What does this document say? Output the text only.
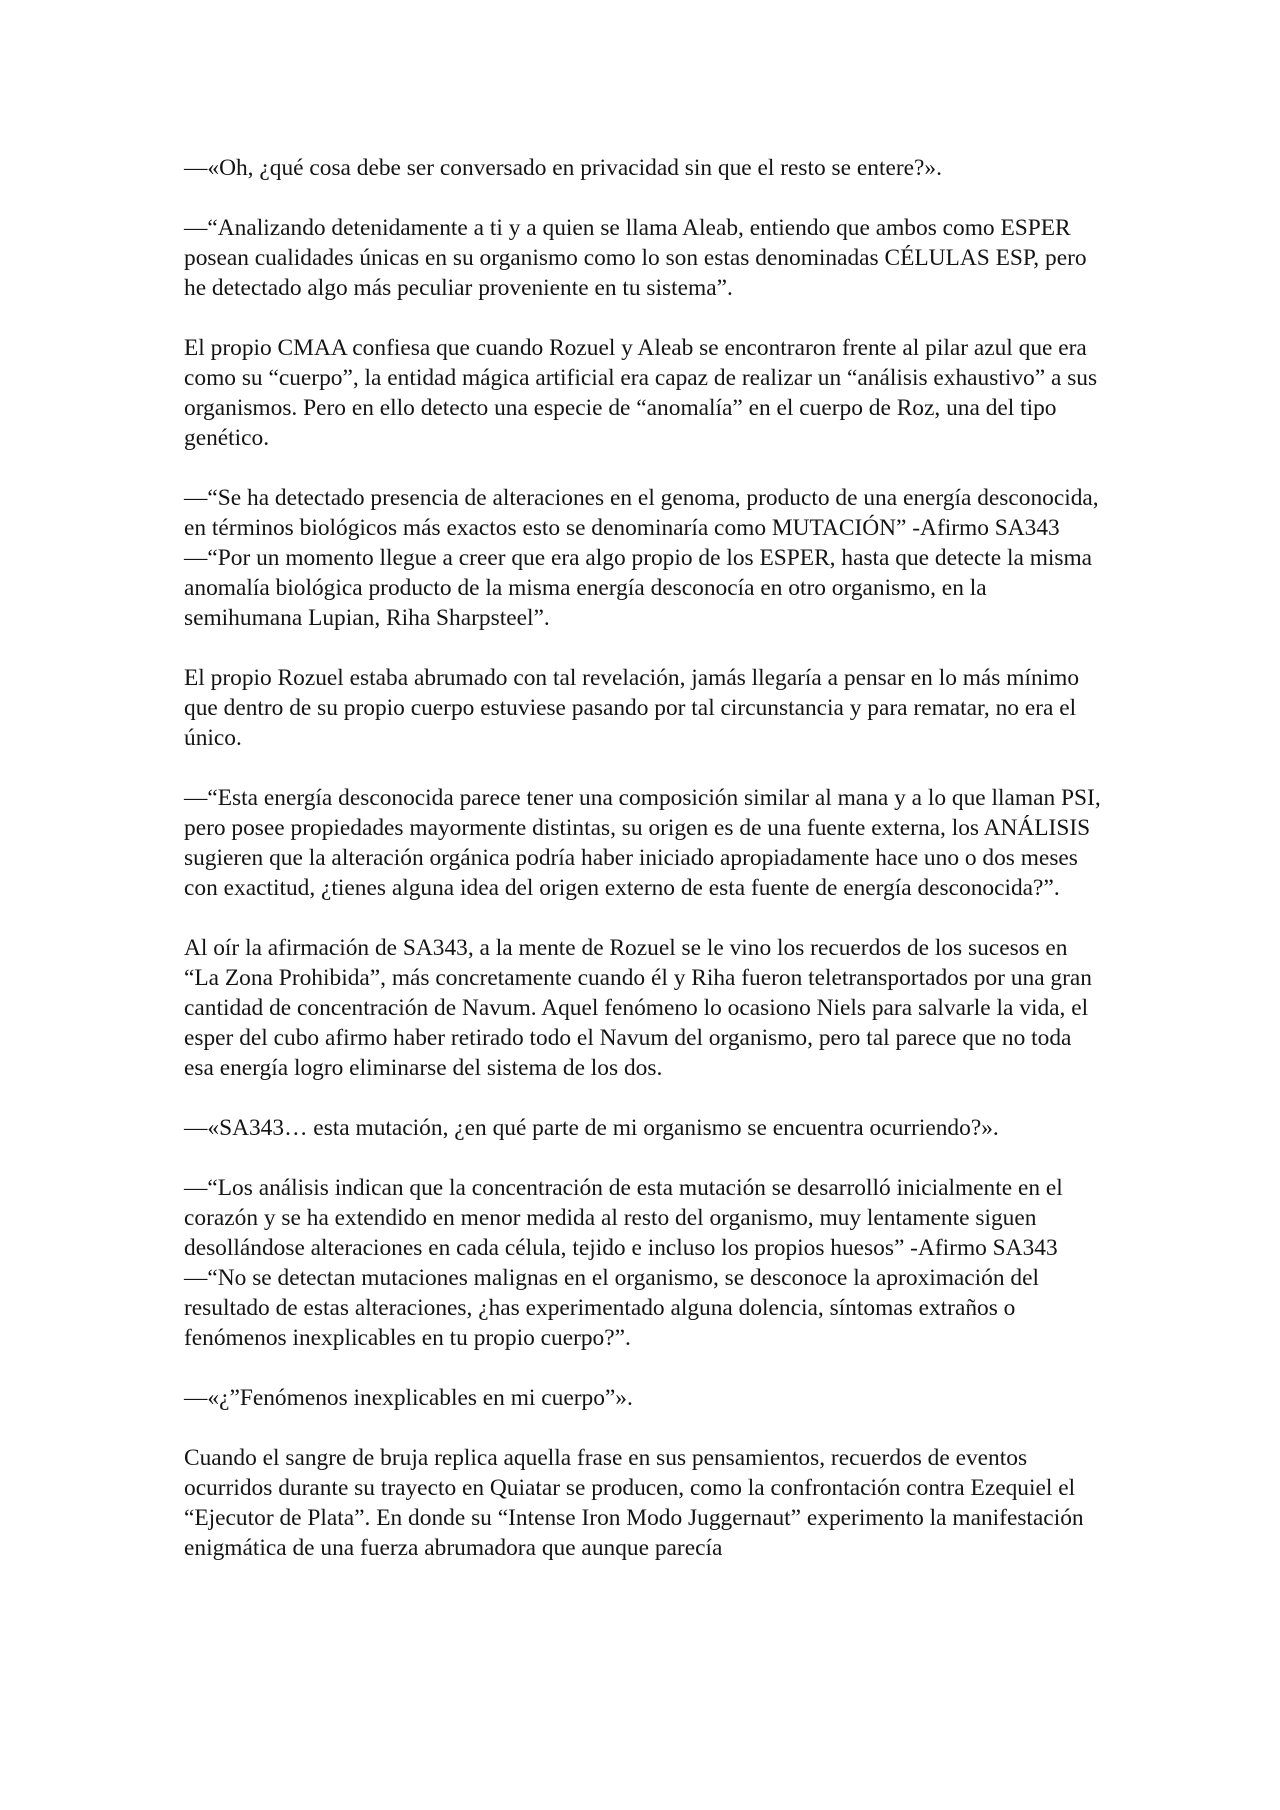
—«Oh, ¿qué cosa debe ser conversado en privacidad sin que el resto se entere?».

—“Analizando detenidamente a ti y a quien se llama Aleab, entiendo que ambos como ESPER posean cualidades únicas en su organismo como lo son estas denominadas CÉLULAS ESP, pero he detectado algo más peculiar proveniente en tu sistema”.

El propio CMAA confiesa que cuando Rozuel y Aleab se encontraron frente al pilar azul que era como su “cuerpo”, la entidad mágica artificial era capaz de realizar un “análisis exhaustivo” a sus organismos. Pero en ello detecto una especie de “anomalía” en el cuerpo de Roz, una del tipo genético.

—“Se ha detectado presencia de alteraciones en el genoma, producto de una energía desconocida, en términos biológicos más exactos esto se denominaría como MUTACIÓN” -Afirmo SA343 —“Por un momento llegue a creer que era algo propio de los ESPER, hasta que detecte la misma anomalía biológica producto de la misma energía desconocía en otro organismo, en la semihumana Lupian, Riha Sharpsteel”.

El propio Rozuel estaba abrumado con tal revelación, jamás llegaría a pensar en lo más mínimo que dentro de su propio cuerpo estuviese pasando por tal circunstancia y para rematar, no era el único.

—“Esta energía desconocida parece tener una composición similar al mana y a lo que llaman PSI, pero posee propiedades mayormente distintas, su origen es de una fuente externa, los ANÁLISIS sugieren que la alteración orgánica podría haber iniciado apropiadamente hace uno o dos meses con exactitud, ¿tienes alguna idea del origen externo de esta fuente de energía desconocida?”.

Al oír la afirmación de SA343, a la mente de Rozuel se le vino los recuerdos de los sucesos en “La Zona Prohibida”, más concretamente cuando él y Riha fueron teletransportados por una gran cantidad de concentración de Navum. Aquel fenómeno lo ocasiono Niels para salvarle la vida, el esper del cubo afirmo haber retirado todo el Navum del organismo, pero tal parece que no toda esa energía logro eliminarse del sistema de los dos.

—«SA343… esta mutación, ¿en qué parte de mi organismo se encuentra ocurriendo?».

—“Los análisis indican que la concentración de esta mutación se desarrolló inicialmente en el corazón y se ha extendido en menor medida al resto del organismo, muy lentamente siguen desollándose alteraciones en cada célula, tejido e incluso los propios huesos” -Afirmo SA343 —“No se detectan mutaciones malignas en el organismo, se desconoce la aproximación del resultado de estas alteraciones, ¿has experimentado alguna dolencia, síntomas extraños o fenómenos inexplicables en tu propio cuerpo?”.

—«¿”Fenómenos inexplicables en mi cuerpo”».

Cuando el sangre de bruja replica aquella frase en sus pensamientos, recuerdos de eventos ocurridos durante su trayecto en Quiatar se producen, como la confrontación contra Ezequiel el “Ejecutor de Plata”. En donde su “Intense Iron Modo Juggernaut” experimento la manifestación enigmática de una fuerza abrumadora que aunque parecía
